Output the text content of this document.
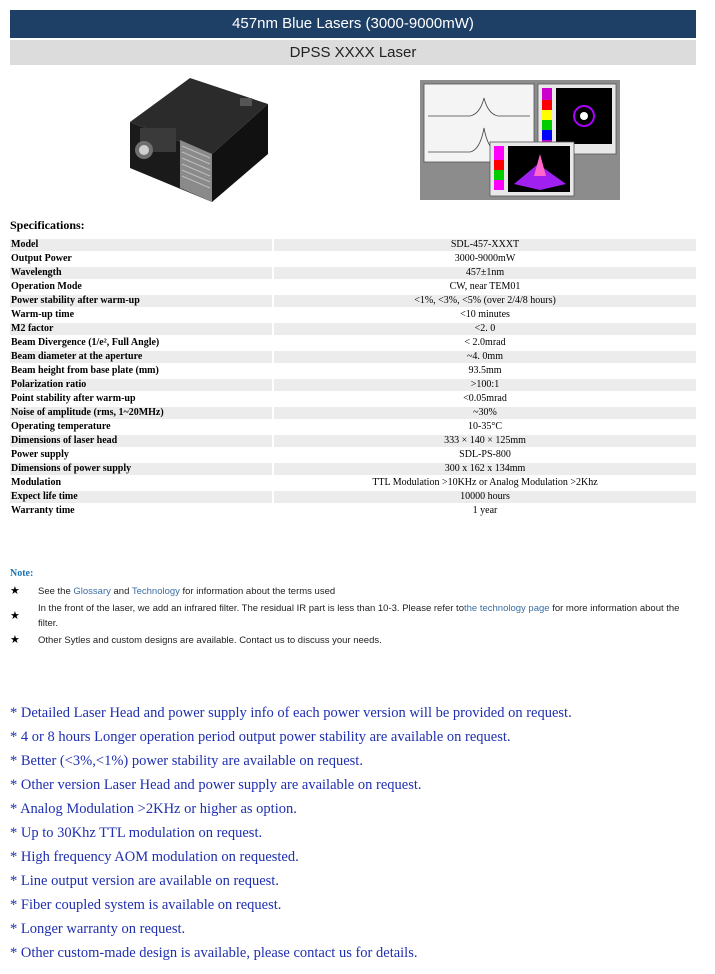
457nm Blue Lasers (3000-9000mW)
DPSS XXXX Laser
Specifications:
Model	SDL-457-XXXT
Output Power	3000-9000mW
Wavelength	457±1nm
Operation Mode	CW, near TEM01
Power stability after warm-up	<1%, <3%, <5% (over 2/4/8 hours)
Warm-up time	<10 minutes
M2 factor	<2. 0
Beam Divergence (1/e², Full Angle)	< 2.0mrad
Beam diameter at the aperture	~4. 0mm
Beam height from base plate (mm)	93.5mm
Polarization ratio	>100:1
Point stability after warm-up	<0.05mrad
Noise of amplitude (rms, 1~20MHz)	~30%
Operating temperature	10-35°C
Dimensions of laser head	333 × 140 × 125mm
Power supply	SDL-PS-800
Dimensions of power supply	300 x 162 x 134mm
Modulation	TTL Modulation >10KHz or Analog Modulation >2Khz
Expect life time	10000 hours
Warranty time	1 year
Note:
★ See the Glossary and Technology for information about the terms used
★
In the front of the laser, we add an infrared filter. The residual IR part is less than 10-3. Please refer tothe technology page for more information about the filter.
★ Other Sytles and custom designs are available. Contact us to discuss your needs.
* Detailed Laser Head and power supply info of each power version will be provided on request.
* 4 or 8 hours Longer operation period output power stability are available on request.
* Better (<3%,<1%) power stability are available on request.
* Other version Laser Head and power supply are available on request.
* Analog Modulation >2KHz or higher as option.
* Up to 30Khz TTL modulation on request.
* High frequency AOM modulation on requested.
* Line output version are available on request.
* Fiber coupled system is available on request.
* Longer warranty on request.
* Other custom-made design is available, please contact us for details.
